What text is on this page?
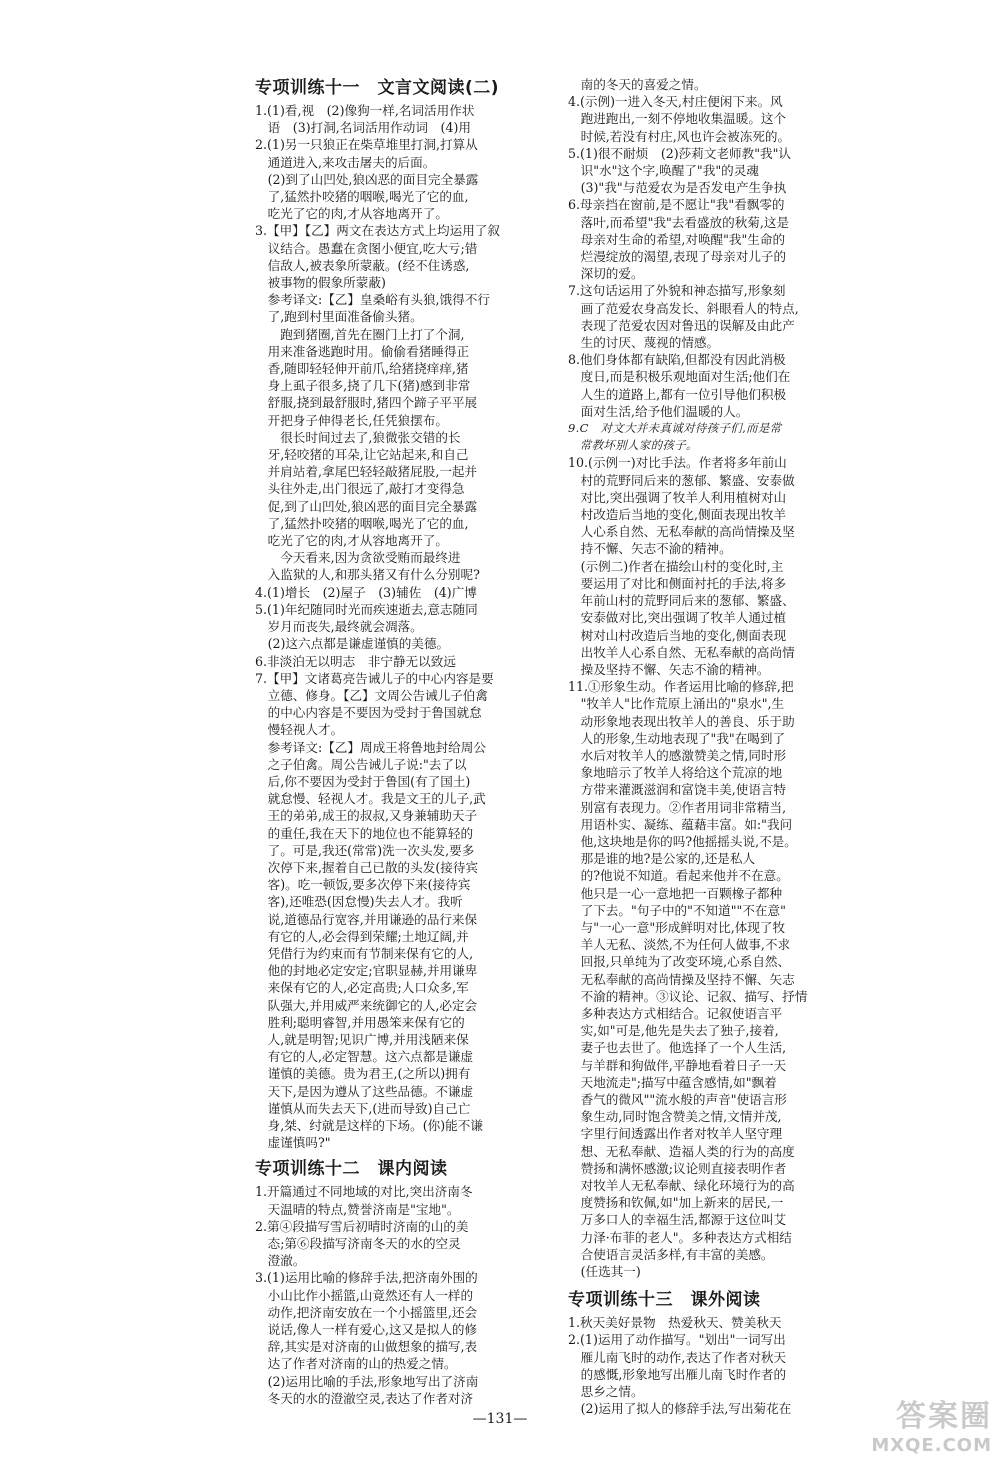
专项训练十一　文言文阅读(二)
1.(1)看,视　(2)像狗一样,名词活用作状
　语　(3)打洞,名词活用作动词　(4)用
2.(1)另一只狼正在柴草堆里打洞,打算从
　通道进入,来攻击屠夫的后面。
　(2)到了山凹处,狼凶恶的面目完全暴露
　了,猛然扑咬猪的咽喉,喝光了它的血,
　吃光了它的肉,才从容地离开了。
3.【甲】【乙】两文在表达方式上均运用了叙
　议结合。愚蠢在贪图小便宜,吃大亏;错
　信敌人,被表象所蒙蔽。(经不住诱惑,
　被事物的假象所蒙蔽)
　参考译文:【乙】皇桑峪有头狼,饿得不行
　了,跑到村里面准备偷头猪。
　　跑到猪圈,首先在圈门上打了个洞,
　用来准备逃跑时用。偷偷看猪睡得正
　香,随即轻轻伸开前爪,给猪挠痒痒,猪
　身上虱子很多,挠了几下(猪)感到非常
　舒服,挠到最舒服时,猪四个蹄子平平展
　开把身子伸得老长,任凭狼摆布。
　　很长时间过去了,狼微张交错的长
　牙,轻咬猪的耳朵,让它站起来,和自己
　并肩站着,拿尾巴轻轻敲猪屁股,一起并
　头往外走,出门很远了,敲打才变得急
　促,到了山凹处,狼凶恶的面目完全暴露
　了,猛然扑咬猪的咽喉,喝光了它的血,
　吃光了它的肉,才从容地离开了。
　　今天看来,因为贪欲受贿而最终进
　入监狱的人,和那头猪又有什么分别呢?
4.(1)增长　(2)屋子　(3)辅佐　(4)广博
5.(1)年纪随同时光而疾速逝去,意志随同
　岁月而丧失,最终就会凋落。
　(2)这六点都是谦虚谨慎的美德。
6.非淡泊无以明志　非宁静无以致远
7.【甲】文诸葛亮告诫儿子的中心内容是要
　立德、修身。【乙】文周公告诫儿子伯禽
　的中心内容是不要因为受封于鲁国就怠
　慢轻视人才。
　参考译文:【乙】周成王将鲁地封给周公
　之子伯禽。周公告诫儿子说:"去了以
　后,你不要因为受封于鲁国(有了国土)
　就怠慢、轻视人才。我是文王的儿子,武
　王的弟弟,成王的叔叔,又身兼辅助天子
　的重任,我在天下的地位也不能算轻的
　了。可是,我还(常常)洗一次头发,要多
　次停下来,握着自己已散的头发(接待宾
　客)。吃一顿饭,要多次停下来(接待宾
　客),还唯恐(因怠慢)失去人才。我听
　说,道德品行宽容,并用谦逊的品行来保
　有它的人,必会得到荣耀;土地辽阔,并
　凭借行为约束而有节制来保有它的人,
　他的封地必定安定;官职显赫,并用谦卑
　来保有它的人,必定高贵;人口众多,军
　队强大,并用威严来统御它的人,必定会
　胜利;聪明睿智,并用愚笨来保有它的
　人,就是明智;见识广博,并用浅陋来保
　有它的人,必定智慧。这六点都是谦虚
　谨慎的美德。贵为君王,(之所以)拥有
　天下,是因为遵从了这些品德。不谦虚
　谨慎从而失去天下,(进而导致)自己亡
　身,桀、纣就是这样的下场。(你)能不谦
　虚谨慎吗?"
专项训练十二　课内阅读
1.开篇通过不同地域的对比,突出济南冬
　天温晴的特点,赞誉济南是"宝地"。
2.第④段描写雪后初晴时济南的山的美
　态;第⑥段描写济南冬天的水的空灵
　澄澈。
3.(1)运用比喻的修辞手法,把济南外围的
　小山比作小摇篮,山竟然还有人一样的
　动作,把济南安放在一个小摇篮里,还会
　说话,像人一样有爱心,这又是拟人的修
　辞,其实是对济南的山做想象的描写,表
　达了作者对济南的山的热爱之情。
　(2)运用比喻的手法,形象地写出了济南
　冬天的水的澄澈空灵,表达了作者对济
　南的冬天的喜爱之情。
4.(示例)一进入冬天,村庄便闲下来。风
　跑进跑出,一刻不停地收集温暖。这个
　时候,若没有村庄,风也许会被冻死的。
5.(1)很不耐烦　(2)莎莉文老师教"我"认
　识"水"这个字,唤醒了"我"的灵魂
　(3)"我"与范爱农为是否发电产生争执
6.母亲挡在窗前,是不愿让"我"看飘零的
　落叶,而希望"我"去看盛放的秋菊,这是
　母亲对生命的希望,对唤醒"我"生命的
　烂漫绽放的渴望,表现了母亲对儿子的
　深切的爱。
7.这句话运用了外貌和神态描写,形象刻
　画了范爱农身高发长、斜眼看人的特点,
　表现了范爱农因对鲁迅的误解及由此产
　生的讨厌、蔑视的情感。
8.他们身体都有缺陷,但都没有因此消极
　度日,而是积极乐观地面对生活;他们在
　人生的道路上,都有一位引导他们积极
　面对生活,给予他们温暖的人。
9.C　对文大并未真诚对待孩子们,而是常
　常教坏别人家的孩子。
10.(示例一)对比手法。作者将多年前山
　村的荒野同后来的葱郁、繁盛、安泰做
　对比,突出强调了牧羊人利用植树对山
　村改造后当地的变化,侧面表现出牧羊
　人心系自然、无私奉献的高尚情操及坚
　持不懈、矢志不渝的精神。
　(示例二)作者在描绘山村的变化时,主
　要运用了对比和侧面衬托的手法,将多
　年前山村的荒野同后来的葱郁、繁盛、
　安泰做对比,突出强调了牧羊人通过植
　树对山村改造后当地的变化,侧面表现
　出牧羊人心系自然、无私奉献的高尚情
　操及坚持不懈、矢志不渝的精神。
11.①形象生动。作者运用比喻的修辞,把
　"牧羊人"比作荒原上涌出的"泉水",生
　动形象地表现出牧羊人的善良、乐于助
　人的形象,生动地表现了"我"在喝到了
　水后对牧羊人的感激赞美之情,同时形
　象地暗示了牧羊人将给这个荒凉的地
　方带来灌溉滋润和富饶丰美,使语言特
　别富有表现力。②作者用词非常精当,
　用语朴实、凝练、蕴藉丰富。如:"我问
　他,这块地是你的吗?他摇摇头说,不是。
　那是谁的地?是公家的,还是私人
　的?他说不知道。看起来他并不在意。
　他只是一心一意地把一百颗橡子都种
　了下去。"句子中的"不知道""不在意"
　与"一心一意"形成鲜明对比,体现了牧
　羊人无私、淡然,不为任何人做事,不求
　回报,只单纯为了改变环境,心系自然、
　无私奉献的高尚情操及坚持不懈、矢志
　不渝的精神。③议论、记叙、描写、抒情
　多种表达方式相结合。记叙使语言平
　实,如"可是,他先是失去了独子,接着,
　妻子也去世了。他选择了一个人生活,
　与羊群和狗做伴,平静地看着日子一天
　天地流走";描写中蕴含感情,如"飘着
　香气的微风""流水般的声音"使语言形
　象生动,同时饱含赞美之情,文情并茂,
　字里行间透露出作者对牧羊人坚守理
　想、无私奉献、造福人类的行为的高度
　赞扬和满怀感激;议论则直接表明作者
　对牧羊人无私奉献、绿化环境行为的高
　度赞扬和钦佩,如"加上新来的居民,一
　万多口人的幸福生活,都源于这位叫艾
　力泽·布菲的老人"。多种表达方式相结
　合使语言灵活多样,有丰富的美感。
　(任选其一)
专项训练十三　课外阅读
1.秋天美好景物　热爱秋天、赞美秋天
2.(1)运用了动作描写。"划出"一词写出
　雁儿南飞时的动作,表达了作者对秋天
　的感慨,形象地写出雁儿南飞时作者的
　思乡之情。
　(2)运用了拟人的修辞手法,写出菊花在
—131—	答案圈
MXQE.COM
